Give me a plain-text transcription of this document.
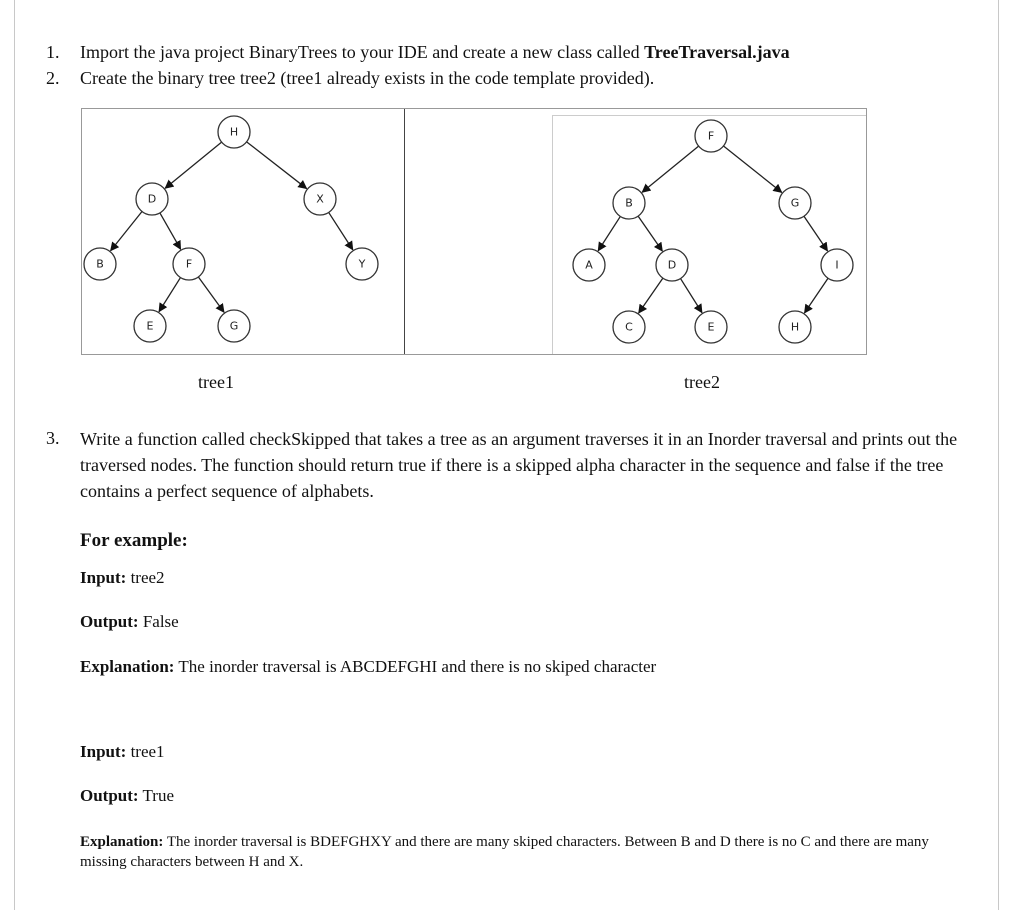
1. Import the java project BinaryTrees to your IDE and create a new class called TreeTraversal.java
2. Create the binary tree tree2 (tree1 already exists in the code template provided).
H
D	X
B	F	Y
E	G
F
B	G
A	D	I
C	E	H
tree1	tree2
3. Write a function called checkSkipped that takes a tree as an argument traverses it in an Inorder traversal and prints out the traversed nodes. The function should return true if there is a skipped alpha character in the sequence and false if the tree contains a perfect sequence of alphabets.
For example:
Input: tree2
Output: False
Explanation: The inorder traversal is ABCDEFGHI and there is no skiped character
Input: tree1
Output: True
Explanation: The inorder traversal is BDEFGHXY and there are many skiped characters. Between B and D there is no C and there are many missing characters between H and X.
